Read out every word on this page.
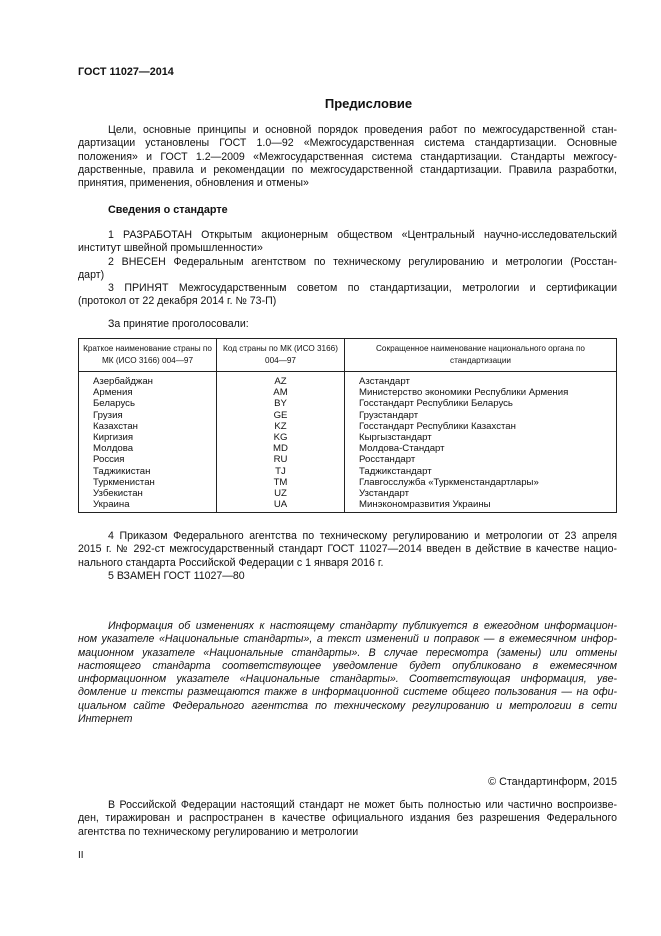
ГОСТ 11027—2014
Предисловие
Цели, основные принципы и основной порядок проведения работ по межгосударственной стан-
дартизации установлены ГОСТ 1.0—92 «Межгосударственная система стандартизации. Основные
положения» и ГОСТ 1.2—2009 «Межгосударственная система стандартизации. Стандарты межгосу-
дарственные, правила и рекомендации по межгосударственной стандартизации. Правила разработки,
принятия, применения, обновления и отмены»
Сведения о стандарте
1 РАЗРАБОТАН Открытым акционерным обществом «Центральный научно-исследовательский
институт швейной промышленности»
2 ВНЕСЕН Федеральным агентством по техническому регулированию и метрологии (Росстан-
дарт)
3 ПРИНЯТ Межгосударственным советом по стандартизации, метрологии и сертификации
(протокол от 22 декабря 2014 г. № 73-П)
За принятие проголосовали:
Краткое наименование страны по МК (ИСО 3166) 004—97	Код страны по МК (ИСО 3166) 004—97	Сокращенное наименование национального органа по стандартизации
Азербайджан	AZ	Азстандарт
Армения	AM	Министерство экономики Республики Армения
Беларусь	BY	Госстандарт Республики Беларусь
Грузия	GE	Грузстандарт
Казахстан	KZ	Госстандарт Республики Казахстан
Киргизия	KG	Кыргызстандарт
Молдова	MD	Молдова-Стандарт
Россия	RU	Росстандарт
Таджикистан	TJ	Таджикстандарт
Туркменистан	TM	Главгосслужба «Туркменстандартлары»
Узбекистан	UZ	Узстандарт
Украина	UA	Минэкономразвития Украины
4 Приказом Федерального агентства по техническому регулированию и метрологии от 23 апреля
2015 г. № 292-ст межгосударственный стандарт ГОСТ 11027—2014 введен в действие в качестве нацио-
нального стандарта Российской Федерации с 1 января 2016 г.
5 ВЗАМЕН ГОСТ 11027—80
Информация об изменениях к настоящему стандарту публикуется в ежегодном информацион-
ном указателе «Национальные стандарты», а текст изменений и поправок — в ежемесячном инфор-
мационном указателе «Национальные стандарты». В случае пересмотра (замены) или отмены
настоящего стандарта соответствующее уведомление будет опубликовано в ежемесячном
информационном указателе «Национальные стандарты». Соответствующая информация, уве-
домление и тексты размещаются также в информационной системе общего пользования — на офи-
циальном сайте Федерального агентства по техническому регулированию и метрологии в сети
Интернет
© Стандартинформ, 2015
В Российской Федерации настоящий стандарт не может быть полностью или частично воспроизве-
ден, тиражирован и распространен в качестве официального издания без разрешения Федерального
агентства по техническому регулированию и метрологии
II
